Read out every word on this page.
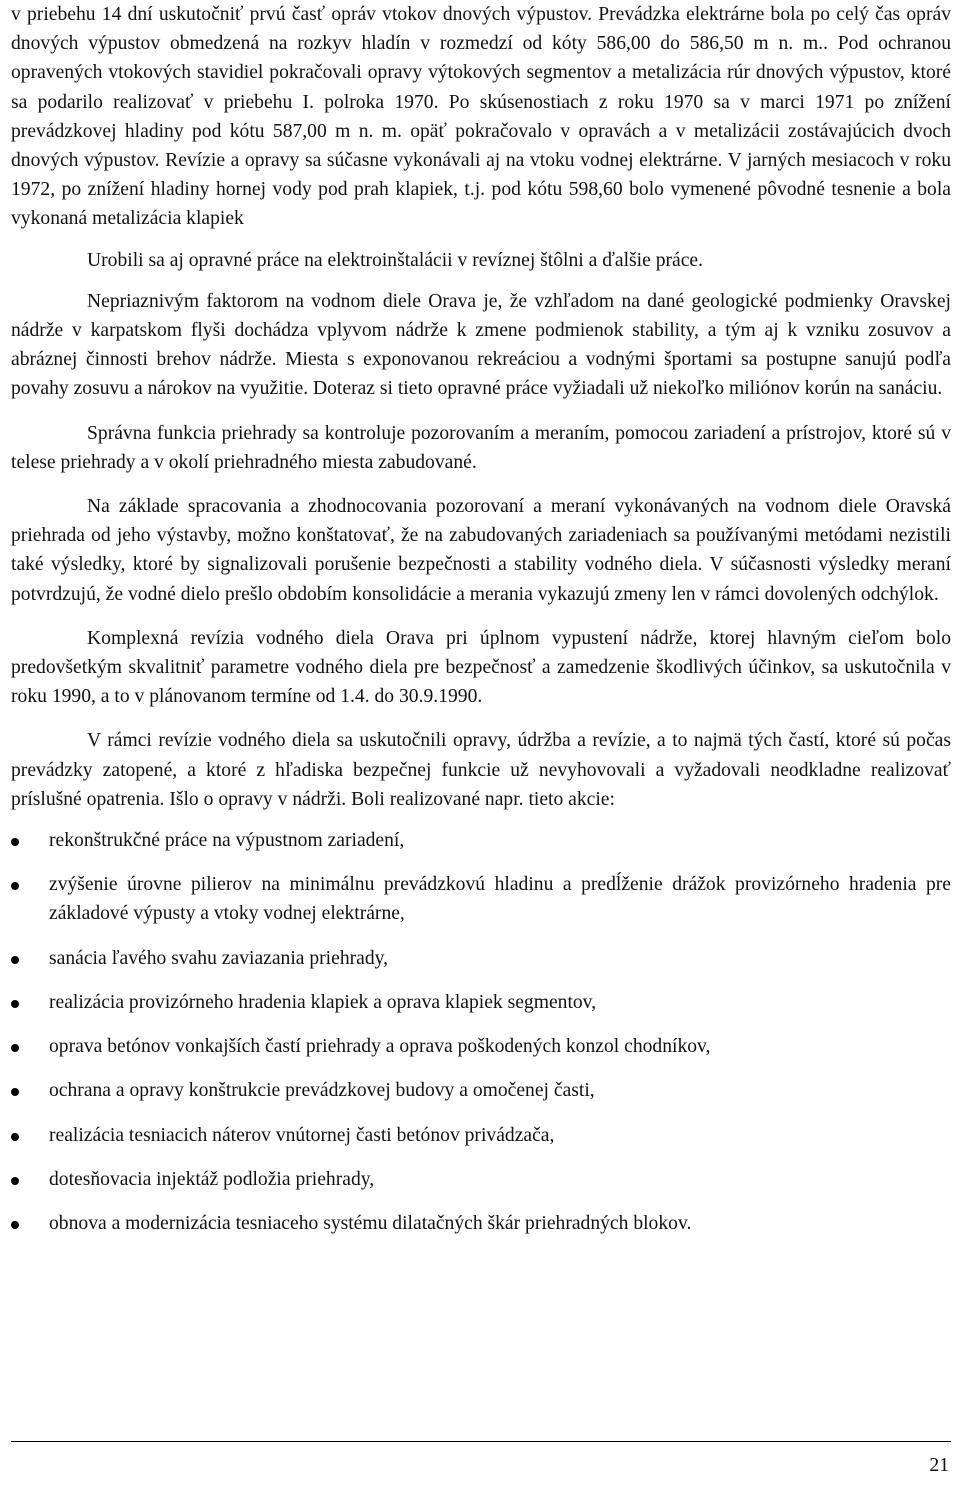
v priebehu 14 dní uskutočniť prvú časť opráv vtokov dnových výpustov. Prevádzka elektrárne bola po celý čas opráv dnových výpustov obmedzená na rozkyv hladín v rozmedzí od kóty 586,00 do 586,50 m n. m.. Pod ochranou opravených vtokových stavidiel pokračovali opravy výtokových segmentov a metalizácia rúr dnových výpustov, ktoré sa podarilo realizovať v priebehu I. polroka 1970. Po skúsenostiach z roku 1970 sa v marci 1971 po znížení prevádzkovej hladiny pod kótu 587,00 m n. m. opäť pokračovalo v opravách a v metalizácii zostávajúcich dvoch dnových výpustov. Revízie a opravy sa súčasne vykonávali aj na vtoku vodnej elektrárne. V jarných mesiacoch v roku 1972, po znížení hladiny hornej vody pod prah klapiek, t.j. pod kótu 598,60 bolo vymenené pôvodné tesnenie a bola vykonaná metalizácia klapiek

Urobili sa aj opravné práce na elektroinštalácii v revíznej štôlni a ďalšie práce.

Nepriaznivým faktorom na vodnom diele Orava je, že vzhľadom na dané geologické podmienky Oravskej nádrže v karpatskom flyši dochádza vplyvom nádrže k zmene podmienok stability, a tým aj k vzniku zosuvov a abráznej činnosti brehov nádrže. Miesta s exponovanou rekreáciou a vodnými športami sa postupne sanujú podľa povahy zosuvu a nárokov na využitie. Doteraz si tieto opravné práce vyžiadali už niekoľko miliónov korún na sanáciu.

Správna funkcia priehrady sa kontroluje pozorovaním a meraním, pomocou zariadení a prístrojov, ktoré sú v telese priehrady a v okolí priehradného miesta zabudované.

Na základe spracovania a zhodnocovania pozorovaní a meraní vykonávaných na vodnom diele Oravská priehrada od jeho výstavby, možno konštatovať, že na zabudovaných zariadeniach sa používanými metódami nezistili také výsledky, ktoré by signalizovali porušenie bezpečnosti a stability vodného diela. V súčasnosti výsledky meraní potvrdzujú, že vodné dielo prešlo obdobím konsolidácie a merania vykazujú zmeny len v rámci dovolených odchýlok.

Komplexná revízia vodného diela Orava pri úplnom vypustení nádrže, ktorej hlavným cieľom bolo predovšetkým skvalitniť parametre vodného diela pre bezpečnosť a zamedzenie škodlivých účinkov, sa uskutočnila v roku 1990, a to v plánovanom termíne od 1.4. do 30.9.1990.

V rámci revízie vodného diela sa uskutočnili opravy, údržba a revízie, a to najmä tých častí, ktoré sú počas prevádzky zatopené, a ktoré z hľadiska bezpečnej funkcie už nevyhovovali a vyžadovali neodkladne realizovať príslušné opatrenia. Išlo o opravy v nádrži. Boli realizované napr. tieto akcie:

rekonštrukčné práce na výpustnom zariadení,
zvýšenie úrovne pilierov na minimálnu prevádzkovú hladinu a predĺženie drážok provizórneho hradenia pre základové výpusty a vtoky vodnej elektrárne,
sanácia ľavého svahu zaviazania priehrady,
realizácia provizórneho hradenia klapiek a oprava klapiek segmentov,
oprava betónov vonkajších častí priehrady a oprava poškodených konzol chodníkov,
ochrana a opravy konštrukcie prevádzkovej budovy a omočenej časti,
realizácia tesniacich náterov vnútornej časti betónov privádzača,
dotesňovacia injektáž podložia priehrady,
obnova a modernizácia tesniaceho systému dilatačných škár priehradných blokov.
21
